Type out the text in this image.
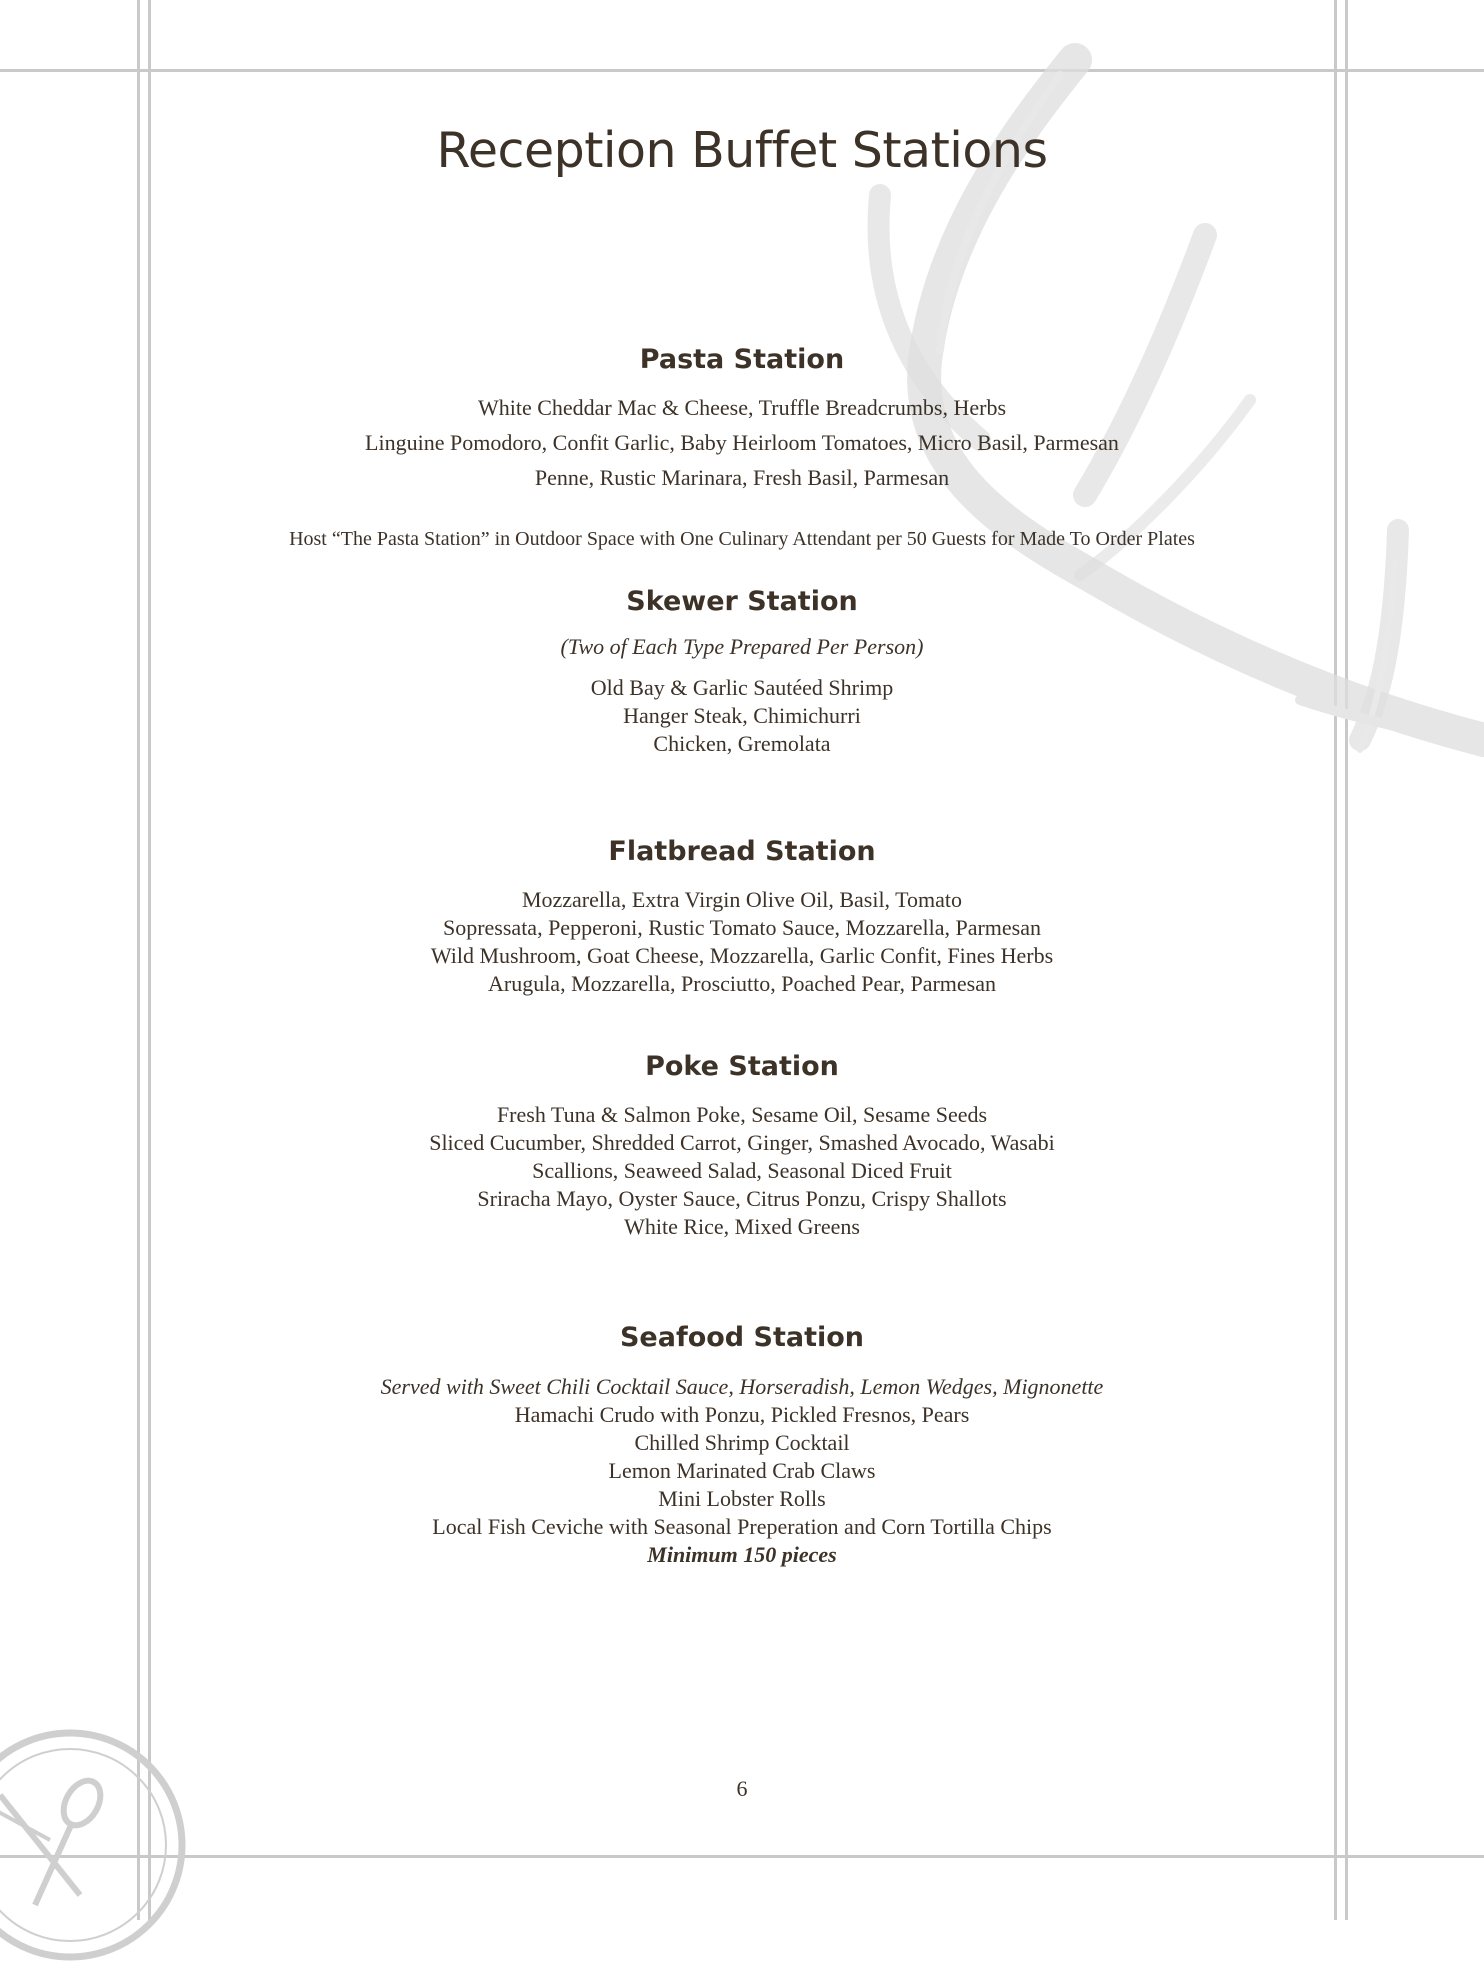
Reception Buffet Stations
Pasta Station
White Cheddar Mac & Cheese, Truffle Breadcrumbs, Herbs
Linguine Pomodoro, Confit Garlic, Baby Heirloom Tomatoes, Micro Basil, Parmesan
Penne, Rustic Marinara, Fresh Basil, Parmesan
Host “The Pasta Station” in Outdoor Space with One Culinary Attendant per 50 Guests for Made To Order Plates
Skewer Station
(Two of Each Type Prepared Per Person)
Old Bay & Garlic Sautéed Shrimp
Hanger Steak, Chimichurri
Chicken, Gremolata
Flatbread Station
Mozzarella, Extra Virgin Olive Oil, Basil, Tomato
Sopressata, Pepperoni, Rustic Tomato Sauce, Mozzarella, Parmesan
Wild Mushroom, Goat Cheese, Mozzarella, Garlic Confit, Fines Herbs
Arugula, Mozzarella, Prosciutto, Poached Pear, Parmesan
Poke Station
Fresh Tuna & Salmon Poke, Sesame Oil, Sesame Seeds
Sliced Cucumber, Shredded Carrot, Ginger, Smashed Avocado, Wasabi
Scallions, Seaweed Salad, Seasonal Diced Fruit
Sriracha Mayo, Oyster Sauce, Citrus Ponzu, Crispy Shallots
White Rice, Mixed Greens
Seafood Station
Served with Sweet Chili Cocktail Sauce, Horseradish, Lemon Wedges, Mignonette
Hamachi Crudo with Ponzu, Pickled Fresnos, Pears
Chilled Shrimp Cocktail
Lemon Marinated Crab Claws
Mini Lobster Rolls
Local Fish Ceviche with Seasonal Preperation and Corn Tortilla Chips
Minimum 150 pieces
6
